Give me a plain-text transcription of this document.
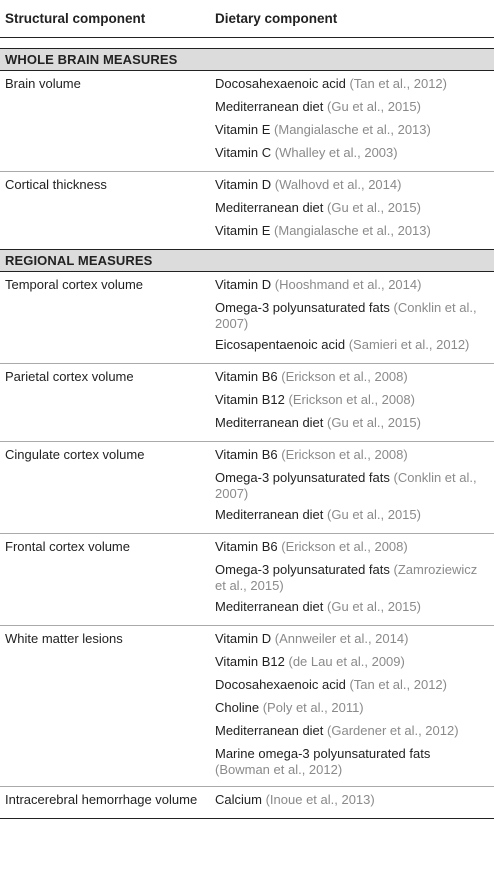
Structural component	Dietary component
WHOLE BRAIN MEASURES
Brain volume	Docosahexaenoic acid (Tan et al., 2012)
Mediterranean diet (Gu et al., 2015)
Vitamin E (Mangialasche et al., 2013)
Vitamin C (Whalley et al., 2003)
Cortical thickness	Vitamin D (Walhovd et al., 2014)
Mediterranean diet (Gu et al., 2015)
Vitamin E (Mangialasche et al., 2013)
REGIONAL MEASURES
Temporal cortex volume	Vitamin D (Hooshmand et al., 2014)
Omega-3 polyunsaturated fats (Conklin et al., 2007)
Eicosapentaenoic acid (Samieri et al., 2012)
Parietal cortex volume	Vitamin B6 (Erickson et al., 2008)
Vitamin B12 (Erickson et al., 2008)
Mediterranean diet (Gu et al., 2015)
Cingulate cortex volume	Vitamin B6 (Erickson et al., 2008)
Omega-3 polyunsaturated fats (Conklin et al., 2007)
Mediterranean diet (Gu et al., 2015)
Frontal cortex volume	Vitamin B6 (Erickson et al., 2008)
Omega-3 polyunsaturated fats (Zamroziewicz et al., 2015)
Mediterranean diet (Gu et al., 2015)
White matter lesions	Vitamin D (Annweiler et al., 2014)
Vitamin B12 (de Lau et al., 2009)
Docosahexaenoic acid (Tan et al., 2012)
Choline (Poly et al., 2011)
Mediterranean diet (Gardener et al., 2012)
Marine omega-3 polyunsaturated fats (Bowman et al., 2012)
Intracerebral hemorrhage volume	Calcium (Inoue et al., 2013)
